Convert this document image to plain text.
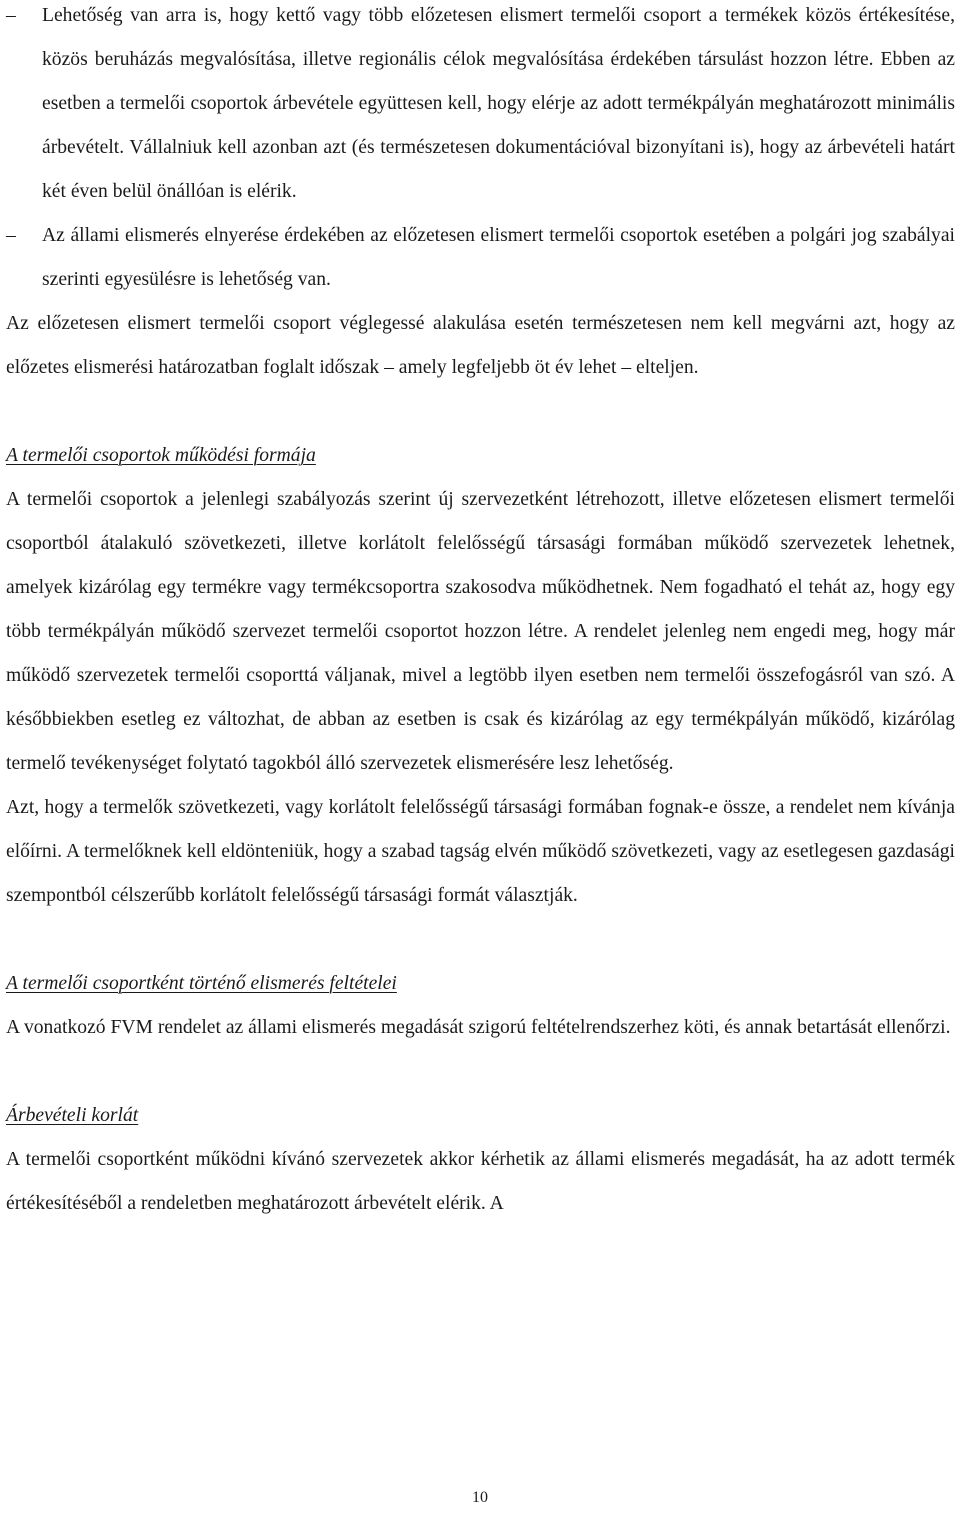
–	Lehetőség van arra is, hogy kettő vagy több előzetesen elismert termelői csoport a termékek közös értékesítése, közös beruházás megvalósítása, illetve regionális célok megvalósítása érdekében társulást hozzon létre. Ebben az esetben a termelői csoportok árbevétele együttesen kell, hogy elérje az adott termékpályán meghatározott minimális árbevételt. Vállalniuk kell azonban azt (és természetesen dokumentációval bizonyítani is), hogy az árbevételi határt két éven belül önállóan is elérik.

–	Az állami elismerés elnyerése érdekében az előzetesen elismert termelői csoportok esetében a polgári jog szabályai szerinti egyesülésre is lehetőség van.

Az előzetesen elismert termelői csoport véglegessé alakulása esetén természetesen nem kell megvárni azt, hogy az előzetes elismerési határozatban foglalt időszak – amely legfeljebb öt év lehet – elteljen.

A termelői csoportok működési formája

A termelői csoportok a jelenlegi szabályozás szerint új szervezetként létrehozott, illetve előzetesen elismert termelői csoportból átalakuló szövetkezeti, illetve korlátolt felelősségű társasági formában működő szervezetek lehetnek, amelyek kizárólag egy termékre vagy termékcsoportra szakosodva működhetnek. Nem fogadható el tehát az, hogy egy több termékpályán működő szervezet termelői csoportot hozzon létre. A rendelet jelenleg nem engedi meg, hogy már működő szervezetek termelői csoporttá váljanak, mivel a legtöbb ilyen esetben nem termelői összefogásról van szó. A későbbiekben esetleg ez változhat, de abban az esetben is csak és kizárólag az egy termékpályán működő, kizárólag termelő tevékenységet folytató tagokból álló szervezetek elismerésére lesz lehetőség.

Azt, hogy a termelők szövetkezeti, vagy korlátolt felelősségű társasági formában fognak-e össze, a rendelet nem kívánja előírni. A termelőknek kell eldönteniük, hogy a szabad tagság elvén működő szövetkezeti, vagy az esetlegesen gazdasági szempontból célszerűbb korlátolt felelősségű társasági formát választják.

A termelői csoportként történő elismerés feltételei

A vonatkozó FVM rendelet az állami elismerés megadását szigorú feltételrendszerhez köti, és annak betartását ellenőrzi.

Árbevételi korlát

A termelői csoportként működni kívánó szervezetek akkor kérhetik az állami elismerés megadását, ha az adott termék értékesítéséből a rendeletben meghatározott árbevételt elérik. A

10
